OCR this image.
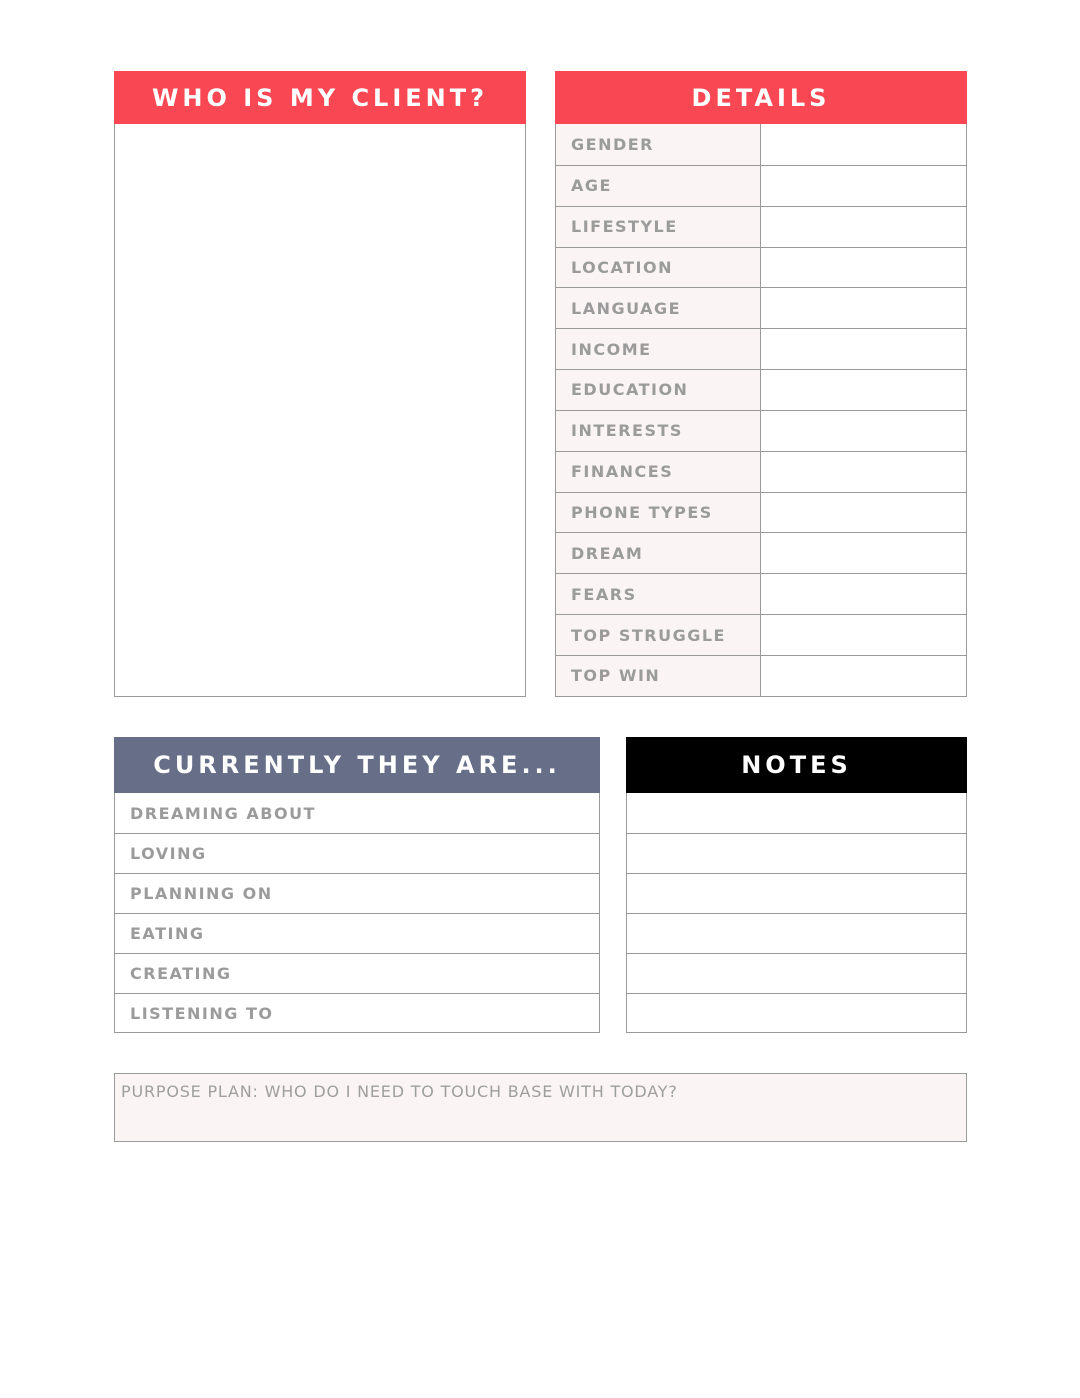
WHO IS MY CLIENT?	DETAILS
GENDER
AGE
LIFESTYLE
LOCATION
LANGUAGE
INCOME
EDUCATION
INTERESTS
FINANCES
PHONE TYPES
DREAM
FEARS
TOP STRUGGLE
TOP WIN
CURRENTLY THEY ARE...
DREAMING ABOUT
LOVING
PLANNING ON
EATING
CREATING
LISTENING TO
NOTES
PURPOSE PLAN: WHO DO I NEED TO TOUCH BASE WITH TODAY?
